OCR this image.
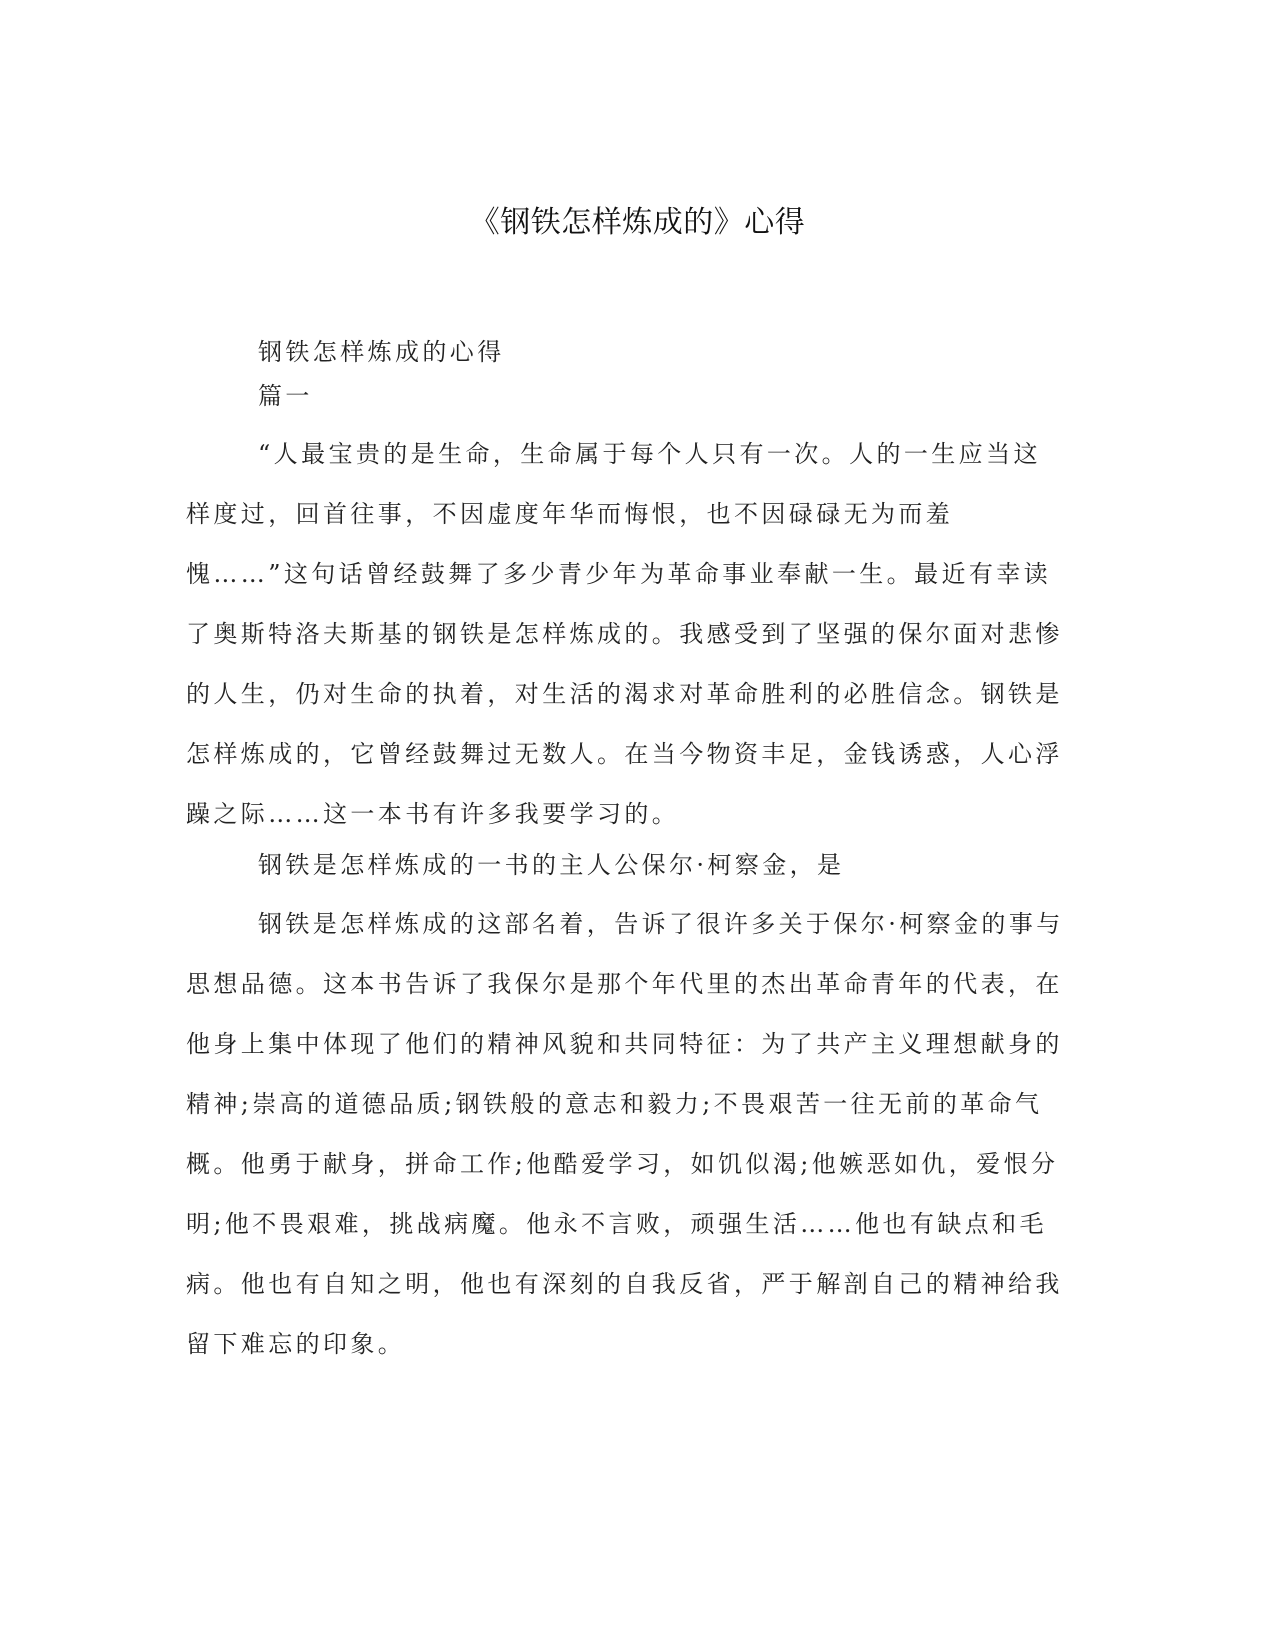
《钢铁怎样炼成的》心得

钢铁怎样炼成的心得

篇一

“人最宝贵的是生命，生命属于每个人只有一次。人的一生应当这样度过，回首往事，不因虚度年华而悔恨，也不因碌碌无为而羞愧……”这句话曾经鼓舞了多少青少年为革命事业奉献一生。最近有幸读了奥斯特洛夫斯基的钢铁是怎样炼成的。我感受到了坚强的保尔面对悲惨的人生，仍对生命的执着，对生活的渴求对革命胜利的必胜信念。钢铁是怎样炼成的，它曾经鼓舞过无数人。在当今物资丰足，金钱诱惑，人心浮躁之际……这一本书有许多我要学习的。

钢铁是怎样炼成的一书的主人公保尔·柯察金，是

钢铁是怎样炼成的这部名着，告诉了很许多关于保尔·柯察金的事与思想品德。这本书告诉了我保尔是那个年代里的杰出革命青年的代表，在他身上集中体现了他们的精神风貌和共同特征：为了共产主义理想献身的精神;崇高的道德品质;钢铁般的意志和毅力;不畏艰苦一往无前的革命气概。他勇于献身，拼命工作;他酷爱学习，如饥似渴;他嫉恶如仇，爱恨分明;他不畏艰难，挑战病魔。他永不言败，顽强生活……他也有缺点和毛病。他也有自知之明，他也有深刻的自我反省，严于解剖自己的精神给我留下难忘的印象。
